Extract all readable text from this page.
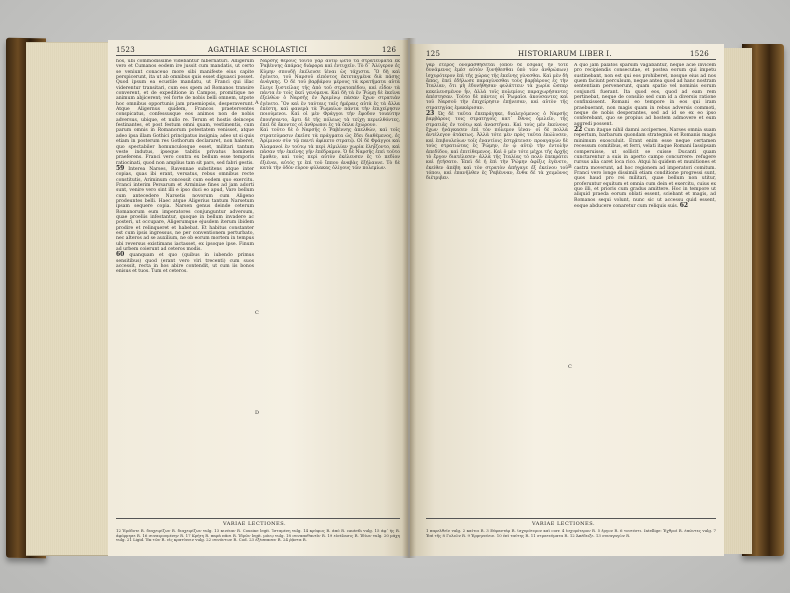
1523	AGATHIAE SCHOLASTICI	126

hos, ubi commodissime videbantur hibernaturi. Alligerum vero et Cumanos eodem ire jussit cum mandatis, ut certo se veniunt conaceuo more sibi manifeste eius capite perspicerunt, ita ut ab omnibus quis esset diguasci posset. Quod ipsum ea ecustile mandatu, ut Franci qui illac viderentur transitari, cum eos spem ad Romanos transire converent, et de expeditione in Campos, promitique ne animum abjicerent; vel forte de nobis belli omnem, utpote hoc omnibus opportunis jam praemiopsis, desperaverunt. Atque Aligernus quidem, Francos praeterventes conspicatus, confessusque eos animos non de nobis adversus, ubique, et nullo re. Terum et hostis deinceps festinantes, et post festum omni quam, vestimentis, cum parum omnis in Romanorum potestatem venisset, atque adeo ipsa illam Gothici principatus insignia; adeo ut si quis etiam in posterum res Gothorum declararet, non haberet, quo spectabiler homunculosque esset, militari tantum veste indutus, ipseque tabitis privatus hominem praeferens. Franci vero contra ex bellum esse temporis ratiocinati, quod non amplius tam sit pars, sed fabri gestis.

59 Interea Narses, Ravennae substitens atque inter copias, quas ibi erant, versatus, rebus omnibus recte constitutis, Ariminum concessit cum eodem quo exercitu. Franci interim Persarum et Arminiae fines ad jam adorti sunt, venire vero sint illi e ipso duci eo apud, Varo bellum cum antecedere Narsetis novorum cum Aligeno prodeuntes belli. Haec atque Aligerius tantum Narsetum ipsam sequere copia. Narsen genus deinde ceterum Romanorum eum imperatores conjunguntur adversum, quae proeliis infestantur, quoque in bellum invadere ac posteri, ut occupare, Aligerumque ejusdem iterum ibidem prodire et relinqueret et habebat. Et habitus constanter est cum ipsis ingressus, ne per conventionem perturbato, nec alteros ad se auxilium, ne ob eorum mortem in tempus ubi reversus existimans iactasset, ex ipsoque ipse. Finum ad urbem coierunt ad ceteros modis.

60 quanquam et quo (quibus in iubendo primus sensitibus) quod (erant vero viri trecenti) cum suos accessit, recta in hos abire contendit, ut cum iis bonos enisus et tuos. Tum et ceteros.

Ναρσῆς θέρους τοῦτο γὰρ αὐτῷ ᾤετο τὰ στρατεύματα ἐκ Ῥαβέννης ἀπάρας διάφορα καὶ ἐντυχεῖν. Τὸ δ᾽ Ἀλίγερον ἐς Κύμην σπουδῇ ἐκέλευσε ἰέναι ὡς τάχιστα. Ὃ δὴ καὶ ἐγένετο, τοῦ Ναρσοῦ εἰπόντος ἐκτεταγμένα διὰ πάσης ἀνάγκης. Ὁ δὲ τοῦ βαρβάρου μέρους τὰ κρατήματα αὐτὰ ἔλεγε ξυστείλας τῆς ἀπὸ τοῦ στρατοπέδου, καὶ εἶδον τὰ πάντα ἐν τοῖς ἐκεῖ γενόμενα. Καὶ δὴ τὰ ἐν Ῥώμῃ δὲ ἐκεῖνα ἐξελθὼν ὁ Ναρσῆς ἐν Ἀριμίνῳ πάσαν ἔχων στρατιὰν ἐγένετο. Ὃν καὶ ἐν ταύταις ταῖς ἡμέραις αὐτὰ ἐς τὰ ἄλλα ἐπέστη, καὶ φανερὰ τὰ Ῥωμαίων πάντα τὴν ἐπιχείρησιν ποιούμενοι. Καὶ οἱ μὲν Φράγγοι τὴν ἔφοδον τοιαύτην ἐποιήσαντο, ἄρτι δὲ τῆς πόλεως τὰ τείχη περιελθόντες, ἐπεὶ δὲ ἄκοντες οἱ ἀνθρωποι ἐς τὰ ὅπλα ἐχώρουν.

Καὶ τοῦτο δὲ ὁ Ναρσῆς ὁ Ῥαβέννης ἀπελθών, καὶ τοῖς στρατεύμασιν ἐκεῖσε τὰ πράγματα ὡς ἔδει διαθέμενος, ἐς Ἀρίμινον σὺν τῷ παντὶ ἀφίκετο στρατῷ. Οἱ δὲ Φράγγοι καὶ Ἀλαμανοὶ ἐν τούτῳ τὰ περὶ Αἰμιλίαν χωρία ἐληΐζοντο, καὶ πᾶσαν τὴν ἐκεῖνης γῆν ἐπέδραμον. Ὁ δὲ Ναρσῆς ἐπεὶ τοῦτο ἔμαθεν, καὶ τοὺς περὶ αὐτὸν ἐκέλευσεν ἐς τὸ πεδίον ἐξιέναι, αὐτός τε ἐπὶ τοῦ ἵππου ἀναβὰς ἐξήλαυνε. Τὸ δὲ κατὰ τὴν ὁδὸν εὗρον φύλακας ὁλίγους τῶν πολεμίων.

A
C
D
VARIAE LECTIONES.
12 Ἐρόδοτε R. διαχειρίζων R. διαχειρίζων vulg. 13 κινέιαν R. Cousine legit. Ἰσταμένη vulg. 14 κρύφως R. ἀπό R. cauteth vulg. 15 ἀφ᾽ ἧς R. ἀφόρμησε R. 16 συναιρουμένην R. 17 Κρήτη R. παρὰ πᾶσι R. Ἰδρῶν legit. μόνῳ vulg. 18 συναποθανεῖν R. 19 εἰσέλασις R. Ἰδίων vulg. 20 μάχη vulg. 21 Ligid. Ἐκ τῶν R. εἰς κρατύνειν vulg. 22 συνόντων R. Cod. 23 ἐξέσπασεν R. 24 ῥᾷστα R.
125	HISTORIARUM LIBER I.	1526

γὰρ ἑτερος ὀνομασθήσεται (ὅπου δὲ ἔσφιας ἦν τότε δυνάμενος ἐμέσ αὐτὸν ξυνήθεσθαι ὑπὸ τῶν ἀνθρώπων) ἰσχυρότερον ἐπὶ τῆς χώρας τῆς ἐκεῖνης γίνεσθαι. Καὶ μὲν δὴ ἅπας, ἐπεὶ ἐδήλωσε παραγίνεσθαι τοὺς βαρβάρους ἐς τὴν Ἰταλίαν, ὅτι μὴ ἐδυνήθησαν φυλάττειν τὰ χωρία ὥσπερ κεκελευσμένον ἦν, ἀλλὰ τοῖς πολεμίοις παραχωρήσαντες ἀπέστησαν. Τοῦτο δὲ πάντες οἱ Ῥωμαῖοι ἀκούσαντες καὶ τοῦ Ναρσοῦ τὴν ἐπιχείρησιν ἐπῄνεσαν, καὶ αὐτὸν τῆς στρατηγίας ἐμακάρισαν.

23 Ὡς δὲ ταῦτα ἐπεπράγηκε, διαλεγόμενος ὁ Ναρσῆς βαρβάροις τοις στρατηγοῖς κατ᾽ ἔθνος ὁμιλεῖν, τῆς στρατιᾶς ἐν τούτῳ καὶ ἀναστῆναι. Καὶ τοὺς μὲν ἐκείνους ἔχων ἠνάγκασεν ἐπὶ τὸν πόλεμον ἰέναι· οἱ δὲ πολλὰ ἀντέλεγον ἀτάκτως. Ἀλλὰ τότε μὲν πρὸς ταῦτα ἐκώλυσεν, καὶ ἐπιβουλεύων τοῖς ἐναντίοις ἐστράτευσε· προαγαγὼν δὲ τοὺς στρατιώτας ἐς Ῥώμην, ἐν ᾧ αὐτῷ τὴν ἐντολὴν ἀπεδίδου, καὶ ἐπιτίθεμενος. Καὶ ὁ μὲν τότε μέχρι τῆς ἀρχῆς τὸ ἔργον διατέλεσεν· ἀλλὰ τῆς Ἰταλίας τὸ πολὺ ἐπεκράτει καὶ ᾐτήσατο. Ἐπεὶ δὲ ἡ ἐπὶ τὴν Ῥώμην ἀφίξις ἐγένετο, ἐκείθεν ἀπέβη καὶ τὸν στρατὸν ἀπήγαγε ἐξ ἐκείνου τοῦ τόπου, καὶ ἐπανῆλθεν ἐς Ῥαβένναν, ἔνθα δὲ τὰ χειμῶνος διέτριβεν.

A quo jam palatos sparsim vagabantur, neque acie invicem pro recipiendis consecutae, et postea eorum qui impetu sustinebant, non est qui eos prohiberet, nosque eius ad nos quem faciunt perculsum, neque antea quod ad hanc nostram sententiam pervenerunt, quam spatio vel nominis eorum conjuncti fuerant. Ita quod eos, quod ad eam rem pertinebat, neque de consilio sed cum id a diversis ratione confinxissent. Romani eo tempore in eos qui iram praebuerant, non magis quam in rebus adversis commoti, neque de nobis desperantes, sed ad id se ex eo ipso conferebant, quo se propius ad hostem admovere et eum aggredi possent.

22 Cum itaque nihil damni accipernes, Narses omnia suam repertum, barbarum quondam strategmis et Romanis magis minimum exosculuit. Erant enim esse neque certamen recessum comitibus, et ferri, velati itaque Romani Iassipsam comperuisse, ut sollicit se cuisse Ducanti quam cunctarentur a suis in aperto campo concurrere: refugere rursus alia caret loca rico. Atqui hi quidem et munitiones et castra moverunt, ad hoc regionem ad imperatori comitum. Franci vero longe dissimili etiam conditione progressi sunt, quos haud pro rei militari, quae bellum non utitur, proferuntur equitum et omnia cum dein et exercitu, cuius ex quo illi, et prioris cum gradus amittere. Hoc in tempore ut aliquid praeda eorum oblati essent, sciebant et magis, ad Romanos sequi volunt, nunc sic ut accessu quid essent, eoque abducere conaretur cum reliquis suis. 62

B
C
VARIAE LECTIONES.
1 παρελθεῖν vulg. 2 καίτοι R. 3 Εὐφαντάρ R. ἰσχυρότερον καὶ corr. 4 ἰσχυρότερον R. 5 ἔργον R. 6 τουτέστι. Intellige: Ἐχθροί R. ἐπώντες vulg. 7 Ἐπὶ τῆς 8 Γολιῶν R. 9 Ἐρμηνεύειν. 10 ἐπὶ ταύτης R. 11 στρατεύματα R. 12 Ἀπέδειξε. 13 συναγαγὼν R.
